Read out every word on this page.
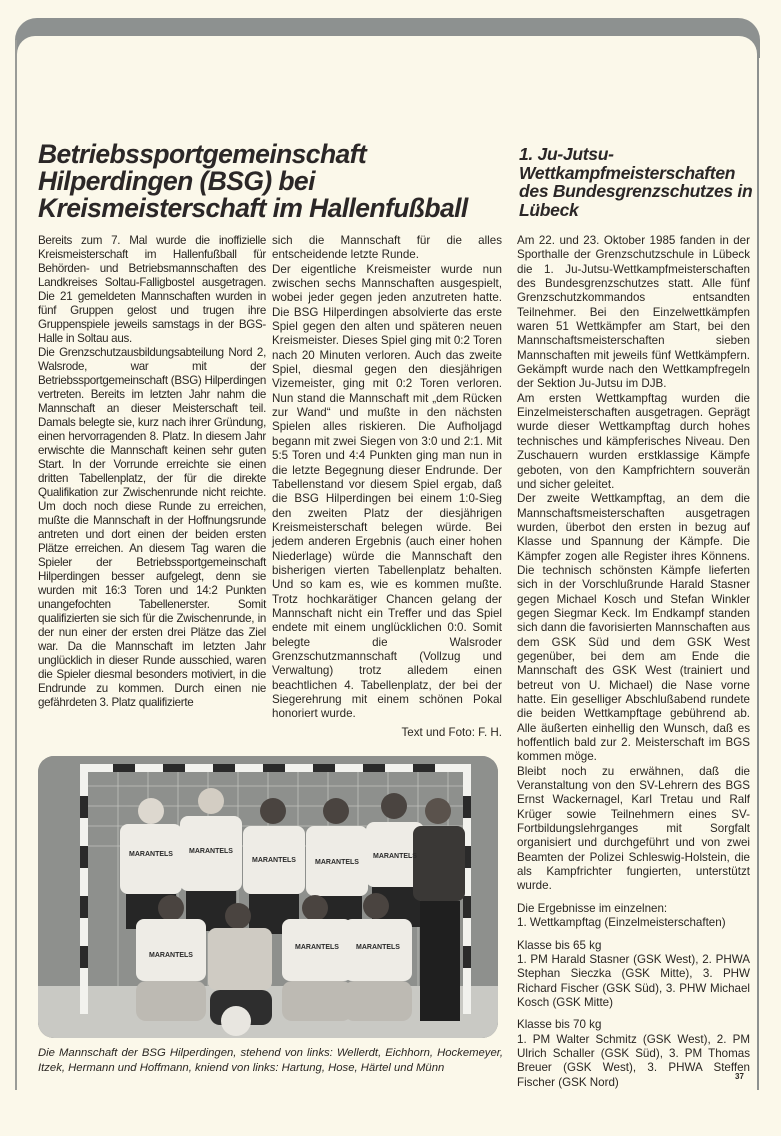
Betriebssportgemeinschaft Hilperdingen (BSG) bei Kreismeisterschaft im Hallenfußball
1. Ju-Jutsu-Wettkampfmeisterschaften des Bundesgrenzschutzes in Lübeck

Bereits zum 7. Mal wurde die inoffizielle Kreismeisterschaft im Hallenfußball für Behörden- und Betriebsmannschaften des Landkreises Soltau-Falligbostel ausgetragen. Die 21 gemeldeten Mannschaften wurden in fünf Gruppen gelost und trugen ihre Gruppenspiele jeweils samstags in der BGS-Halle in Soltau aus.

Die Grenzschutzausbildungsabteilung Nord 2, Walsrode, war mit der Betriebssportgemeinschaft (BSG) Hilperdingen vertreten. Bereits im letzten Jahr nahm die Mannschaft an dieser Meisterschaft teil. Damals belegte sie, kurz nach ihrer Gründung, einen hervorragenden 8. Platz. In diesem Jahr erwischte die Mannschaft keinen sehr guten Start. In der Vorrunde erreichte sie einen dritten Tabellenplatz, der für die direkte Qualifikation zur Zwischenrunde nicht reichte. Um doch noch diese Runde zu erreichen, mußte die Mannschaft in der Hoffnungsrunde antreten und dort einen der beiden ersten Plätze erreichen. An diesem Tag waren die Spieler der Betriebssportgemeinschaft Hilperdingen besser aufgelegt, denn sie wurden mit 16:3 Toren und 14:2 Punkten unangefochten Tabellenerster. Somit qualifizierten sie sich für die Zwischenrunde, in der nun einer der ersten drei Plätze das Ziel war. Da die Mannschaft im letzten Jahr unglücklich in dieser Runde ausschied, waren die Spieler diesmal besonders motiviert, in die Endrunde zu kommen. Durch einen nie gefährdeten 3. Platz qualifizierte

sich die Mannschaft für die alles entscheidende letzte Runde.

Der eigentliche Kreismeister wurde nun zwischen sechs Mannschaften ausgespielt, wobei jeder gegen jeden anzutreten hatte. Die BSG Hilperdingen absolvierte das erste Spiel gegen den alten und späteren neuen Kreismeister. Dieses Spiel ging mit 0:2 Toren nach 20 Minuten verloren. Auch das zweite Spiel, diesmal gegen den diesjährigen Vizemeister, ging mit 0:2 Toren verloren. Nun stand die Mannschaft mit „dem Rücken zur Wand“ und mußte in den nächsten Spielen alles riskieren. Die Aufholjagd begann mit zwei Siegen von 3:0 und 2:1. Mit 5:5 Toren und 4:4 Punkten ging man nun in die letzte Begegnung dieser Endrunde. Der Tabellenstand vor diesem Spiel ergab, daß die BSG Hilperdingen bei einem 1:0-Sieg den zweiten Platz der diesjährigen Kreismeisterschaft belegen würde. Bei jedem anderen Ergebnis (auch einer hohen Niederlage) würde die Mannschaft den bisherigen vierten Tabellenplatz behalten. Und so kam es, wie es kommen mußte. Trotz hochkarätiger Chancen gelang der Mannschaft nicht ein Treffer und das Spiel endete mit einem unglücklichen 0:0. Somit belegte die Walsroder Grenzschutzmannschaft (Vollzug und Verwaltung) trotz alledem einen beachtlichen 4. Tabellenplatz, der bei der Siegerehrung mit einem schönen Pokal honoriert wurde.

Text und Foto: F. H.

Am 22. und 23. Oktober 1985 fanden in der Sporthalle der Grenzschutzschule in Lübeck die 1. Ju-Jutsu-Wettkampfmeisterschaften des Bundesgrenzschutzes statt. Alle fünf Grenzschutzkommandos entsandten Teilnehmer. Bei den Einzelwettkämpfen waren 51 Wettkämpfer am Start, bei den Mannschaftsmeisterschaften sieben Mannschaften mit jeweils fünf Wettkämpfern. Gekämpft wurde nach den Wettkampfregeln der Sektion Ju-Jutsu im DJB.

Am ersten Wettkampftag wurden die Einzelmeisterschaften ausgetragen. Geprägt wurde dieser Wettkampftag durch hohes technisches und kämpferisches Niveau. Den Zuschauern wurden erstklassige Kämpfe geboten, von den Kampfrichtern souverän und sicher geleitet.

Der zweite Wettkampftag, an dem die Mannschaftsmeisterschaften ausgetragen wurden, überbot den ersten in bezug auf Klasse und Spannung der Kämpfe. Die Kämpfer zogen alle Register ihres Könnens. Die technisch schönsten Kämpfe lieferten sich in der Vorschlußrunde Harald Stasner gegen Michael Kosch und Stefan Winkler gegen Siegmar Keck. Im Endkampf standen sich dann die favorisierten Mannschaften aus dem GSK Süd und dem GSK West gegenüber, bei dem am Ende die Mannschaft des GSK West (trainiert und betreut von U. Michael) die Nase vorne hatte. Ein geselliger Abschlußabend rundete die beiden Wettkampftage gebührend ab. Alle äußerten einhellig den Wunsch, daß es hoffentlich bald zur 2. Meisterschaft im BGS kommen möge.

Bleibt noch zu erwähnen, daß die Veranstaltung von den SV-Lehrern des BGS Ernst Wackernagel, Karl Tretau und Ralf Krüger sowie Teilnehmern eines SV-Fortbildungslehrganges mit Sorgfalt organisiert und durchgeführt und von zwei Beamten der Polizei Schleswig-Holstein, die als Kampfrichter fungierten, unterstützt wurde.

Die Ergebnisse im einzelnen:

1. Wettkampftag (Einzelmeisterschaften)

Klasse bis 65 kg

1. PM Harald Stasner (GSK West), 2. PHWA Stephan Sieczka (GSK Mitte), 3. PHW Richard Fischer (GSK Süd), 3. PHW Michael Kosch (GSK Mitte)

Klasse bis 70 kg

1. PM Walter Schmitz (GSK West), 2. PM Ulrich Schaller (GSK Süd), 3. PM Thomas Breuer (GSK West), 3. PHWA Steffen Fischer (GSK Nord)

MARANTELS MARANTELS
MARANTELS	MARANTELS
MARANTELS
MARANTELS
MARANTELS MARANTELS
Die Mannschaft der BSG Hilperdingen, stehend von links: Wellerdt, Eichhorn, Hockemeyer, Itzek, Hermann und Hoffmann, kniend von links: Hartung, Hose, Härtel und Münn
37
